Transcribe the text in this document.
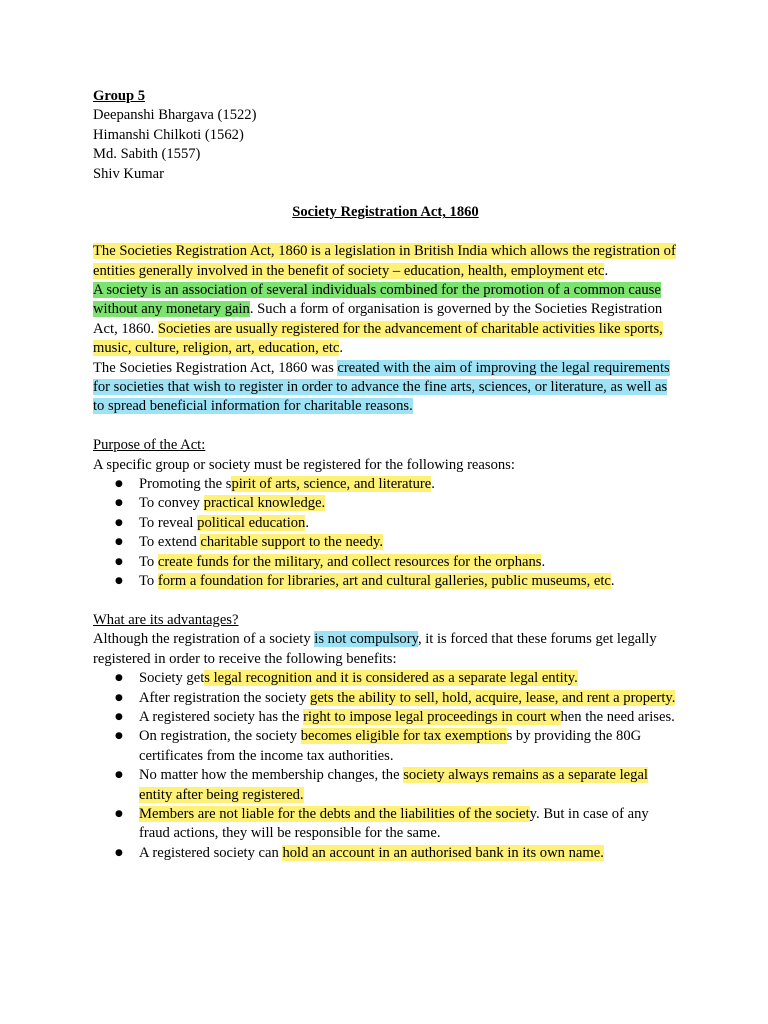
Group 5

Deepanshi Bhargava (1522)

Himanshi Chilkoti (1562)

Md. Sabith (1557)

Shiv Kumar

Society Registration Act, 1860

The Societies Registration Act, 1860 is a legislation in British India which allows the registration of entities generally involved in the benefit of society – education, health, employment etc.

A society is an association of several individuals combined for the promotion of a common cause without any monetary gain. Such a form of organisation is governed by the Societies Registration Act, 1860. Societies are usually registered for the advancement of charitable activities like sports, music, culture, religion, art, education, etc.

The Societies Registration Act, 1860 was created with the aim of improving the legal requirements for societies that wish to register in order to advance the fine arts, sciences, or literature, as well as to spread beneficial information for charitable reasons.

Purpose of the Act:

A specific group or society must be registered for the following reasons:

● Promoting the spirit of arts, science, and literature.
● To convey practical knowledge.
● To reveal political education.
● To extend charitable support to the needy.
● To create funds for the military, and collect resources for the orphans.
● To form a foundation for libraries, art and cultural galleries, public museums, etc.

What are its advantages?

Although the registration of a society is not compulsory, it is forced that these forums get legally registered in order to receive the following benefits:

● Society gets legal recognition and it is considered as a separate legal entity.
● After registration the society gets the ability to sell, hold, acquire, lease, and rent a property.
● A registered society has the right to impose legal proceedings in court when the need arises.
● On registration, the society becomes eligible for tax exemptions by providing the 80G certificates from the income tax authorities.
● No matter how the membership changes, the society always remains as a separate legal entity after being registered.
● Members are not liable for the debts and the liabilities of the society. But in case of any fraud actions, they will be responsible for the same.
● A registered society can hold an account in an authorised bank in its own name.
